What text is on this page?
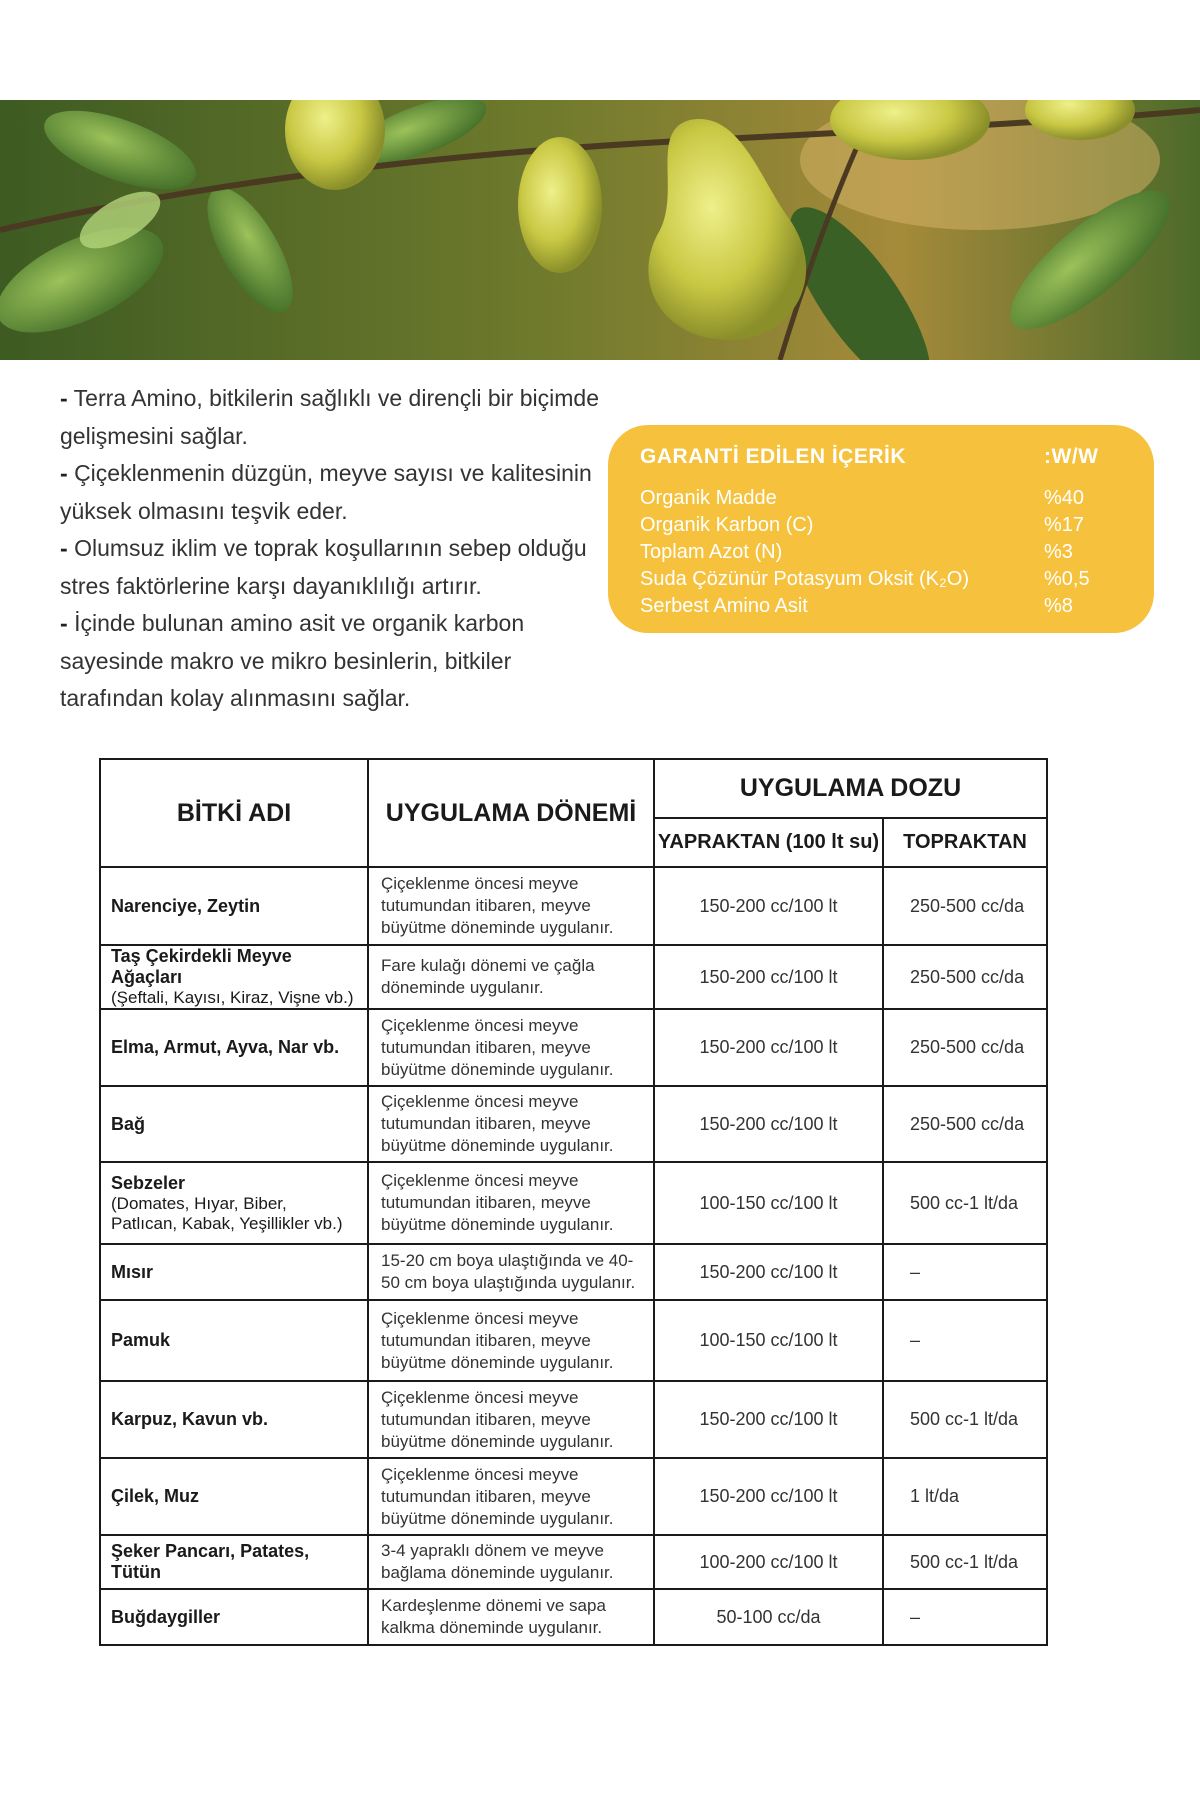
- Terra Amino, bitkilerin sağlıklı ve dirençli bir biçimde gelişmesini sağlar.

- Çiçeklenmenin düzgün, meyve sayısı ve kalitesinin yüksek olmasını teşvik eder.

- Olumsuz iklim ve toprak koşullarının sebep olduğu stres faktörlerine karşı dayanıklılığı artırır.

- İçinde bulunan amino asit ve organik karbon sayesinde makro ve mikro besinlerin, bitkiler tarafından kolay alınmasını sağlar.

GARANTİ EDİLEN İÇERİK	:W/W
Organik Madde	%40
Organik Karbon (C)	%17
Toplam Azot (N)	%3
Suda Çözünür Potasyum Oksit (K₂O)	%0,5
Serbest Amino Asit	%8
BİTKİ ADI	UYGULAMA DÖNEMİ	UYGULAMA DOZU	
		YAPRAKTAN (100 lt su)	TOPRAKTAN

Narenciye, Zeytin	Çiçeklenme öncesi meyve tutumundan itibaren, meyve büyütme döneminde uygulanır.	150-200 cc/100 lt	250-500 cc/da

Taş Çekirdekli Meyve Ağaçları
(Şeftali, Kayısı, Kiraz, Vişne vb.)	Fare kulağı dönemi ve çağla döneminde uygulanır.	150-200 cc/100 lt	250-500 cc/da

Elma, Armut, Ayva, Nar vb.	Çiçeklenme öncesi meyve tutumundan itibaren, meyve büyütme döneminde uygulanır.	150-200 cc/100 lt	250-500 cc/da

Bağ	Çiçeklenme öncesi meyve tutumundan itibaren, meyve büyütme döneminde uygulanır.	150-200 cc/100 lt	250-500 cc/da

Sebzeler
(Domates, Hıyar, Biber, Patlıcan, Kabak, Yeşillikler vb.)	Çiçeklenme öncesi meyve tutumundan itibaren, meyve büyütme döneminde uygulanır.	100-150 cc/100 lt	500 cc-1 lt/da

Mısır	15-20 cm boya ulaştığında ve 40-50 cm boya ulaştığında uygulanır.	150-200 cc/100 lt	–

Pamuk	Çiçeklenme öncesi meyve tutumundan itibaren, meyve büyütme döneminde uygulanır.	100-150 cc/100 lt	–

Karpuz, Kavun vb.	Çiçeklenme öncesi meyve tutumundan itibaren, meyve büyütme döneminde uygulanır.	150-200 cc/100 lt	500 cc-1 lt/da

Çilek, Muz	Çiçeklenme öncesi meyve tutumundan itibaren, meyve büyütme döneminde uygulanır.	150-200 cc/100 lt	1 lt/da

Şeker Pancarı, Patates, Tütün	3-4 yapraklı dönem ve meyve bağlama döneminde uygulanır.	100-200 cc/100 lt	500 cc-1 lt/da

Buğdaygiller	Kardeşlenme dönemi ve sapa kalkma döneminde uygulanır.	50-100 cc/da	–
